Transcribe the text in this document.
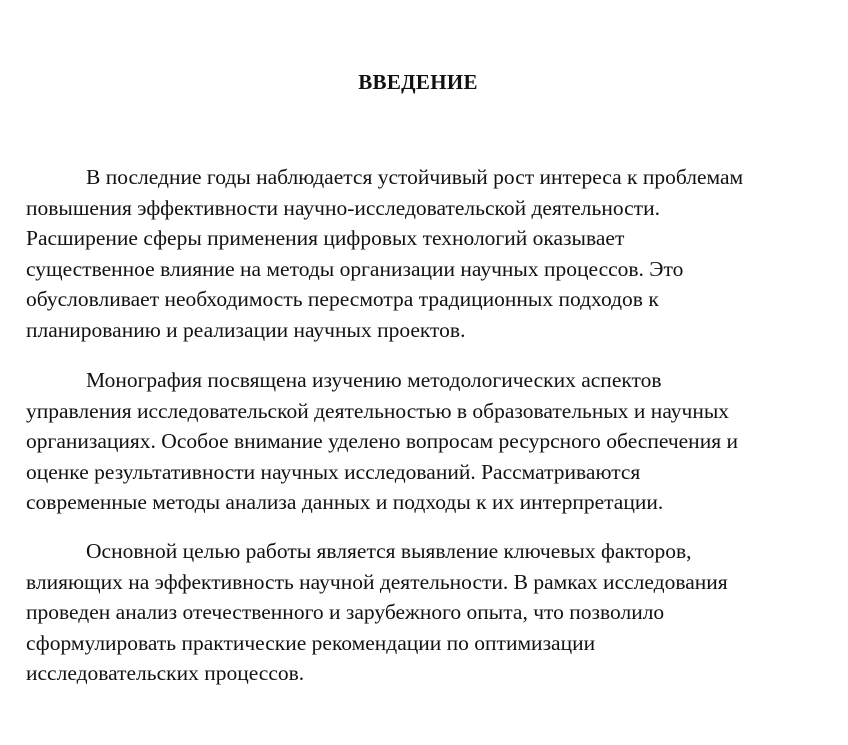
ВВЕДЕНИЕ
В последние годы наблюдается устойчивый рост интереса к проблемам
повышения эффективности научно-исследовательской деятельности.
Расширение сферы применения цифровых технологий оказывает
существенное влияние на методы организации научных процессов. Это
обусловливает необходимость пересмотра традиционных подходов к
планированию и реализации научных проектов.
Монография посвящена изучению методологических аспектов
управления исследовательской деятельностью в образовательных и научных
организациях. Особое внимание уделено вопросам ресурсного обеспечения и
оценке результативности научных исследований. Рассматриваются
современные методы анализа данных и подходы к их интерпретации.
Основной целью работы является выявление ключевых факторов,
влияющих на эффективность научной деятельности. В рамках исследования
проведен анализ отечественного и зарубежного опыта, что позволило
сформулировать практические рекомендации по оптимизации
исследовательских процессов.
